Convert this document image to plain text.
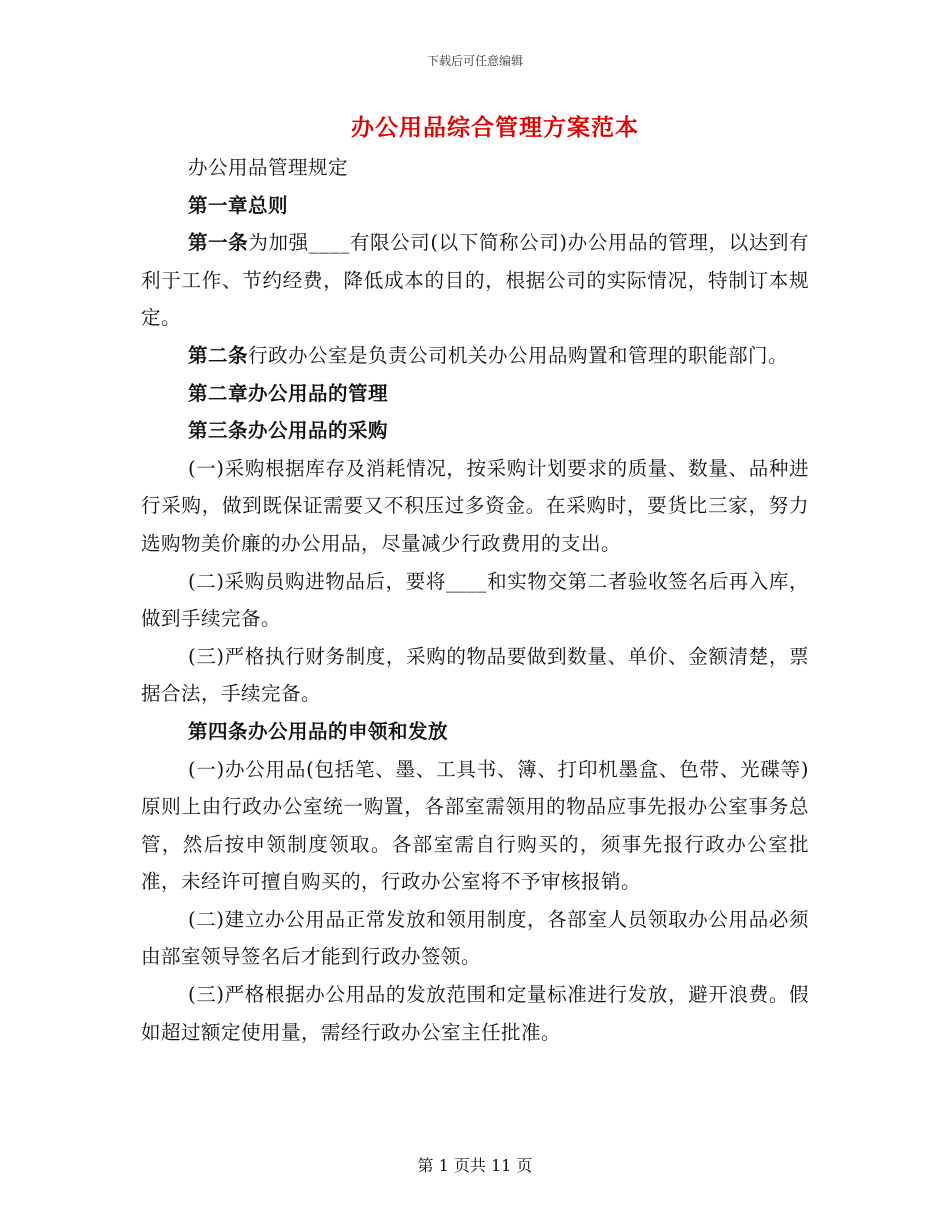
下载后可任意编辑
办公用品综合管理方案范本

办公用品管理规定

第一章总则

第一条为加强____有限公司(以下简称公司)办公用品的管理，以达到有利于工作、节约经费，降低成本的目的，根据公司的实际情况，特制订本规定。

第二条行政办公室是负责公司机关办公用品购置和管理的职能部门。

第二章办公用品的管理

第三条办公用品的采购

(一)采购根据库存及消耗情况，按采购计划要求的质量、数量、品种进行采购，做到既保证需要又不积压过多资金。在采购时，要货比三家，努力选购物美价廉的办公用品，尽量减少行政费用的支出。

(二)采购员购进物品后，要将____和实物交第二者验收签名后再入库，做到手续完备。

(三)严格执行财务制度，采购的物品要做到数量、单价、金额清楚，票据合法，手续完备。

第四条办公用品的申领和发放

(一)办公用品(包括笔、墨、工具书、簿、打印机墨盒、色带、光碟等)原则上由行政办公室统一购置，各部室需领用的物品应事先报办公室事务总管，然后按申领制度领取。各部室需自行购买的，须事先报行政办公室批准，未经许可擅自购买的，行政办公室将不予审核报销。

(二)建立办公用品正常发放和领用制度，各部室人员领取办公用品必须由部室领导签名后才能到行政办签领。

(三)严格根据办公用品的发放范围和定量标准进行发放，避开浪费。假如超过额定使用量，需经行政办公室主任批准。

第 1 页共 11 页
